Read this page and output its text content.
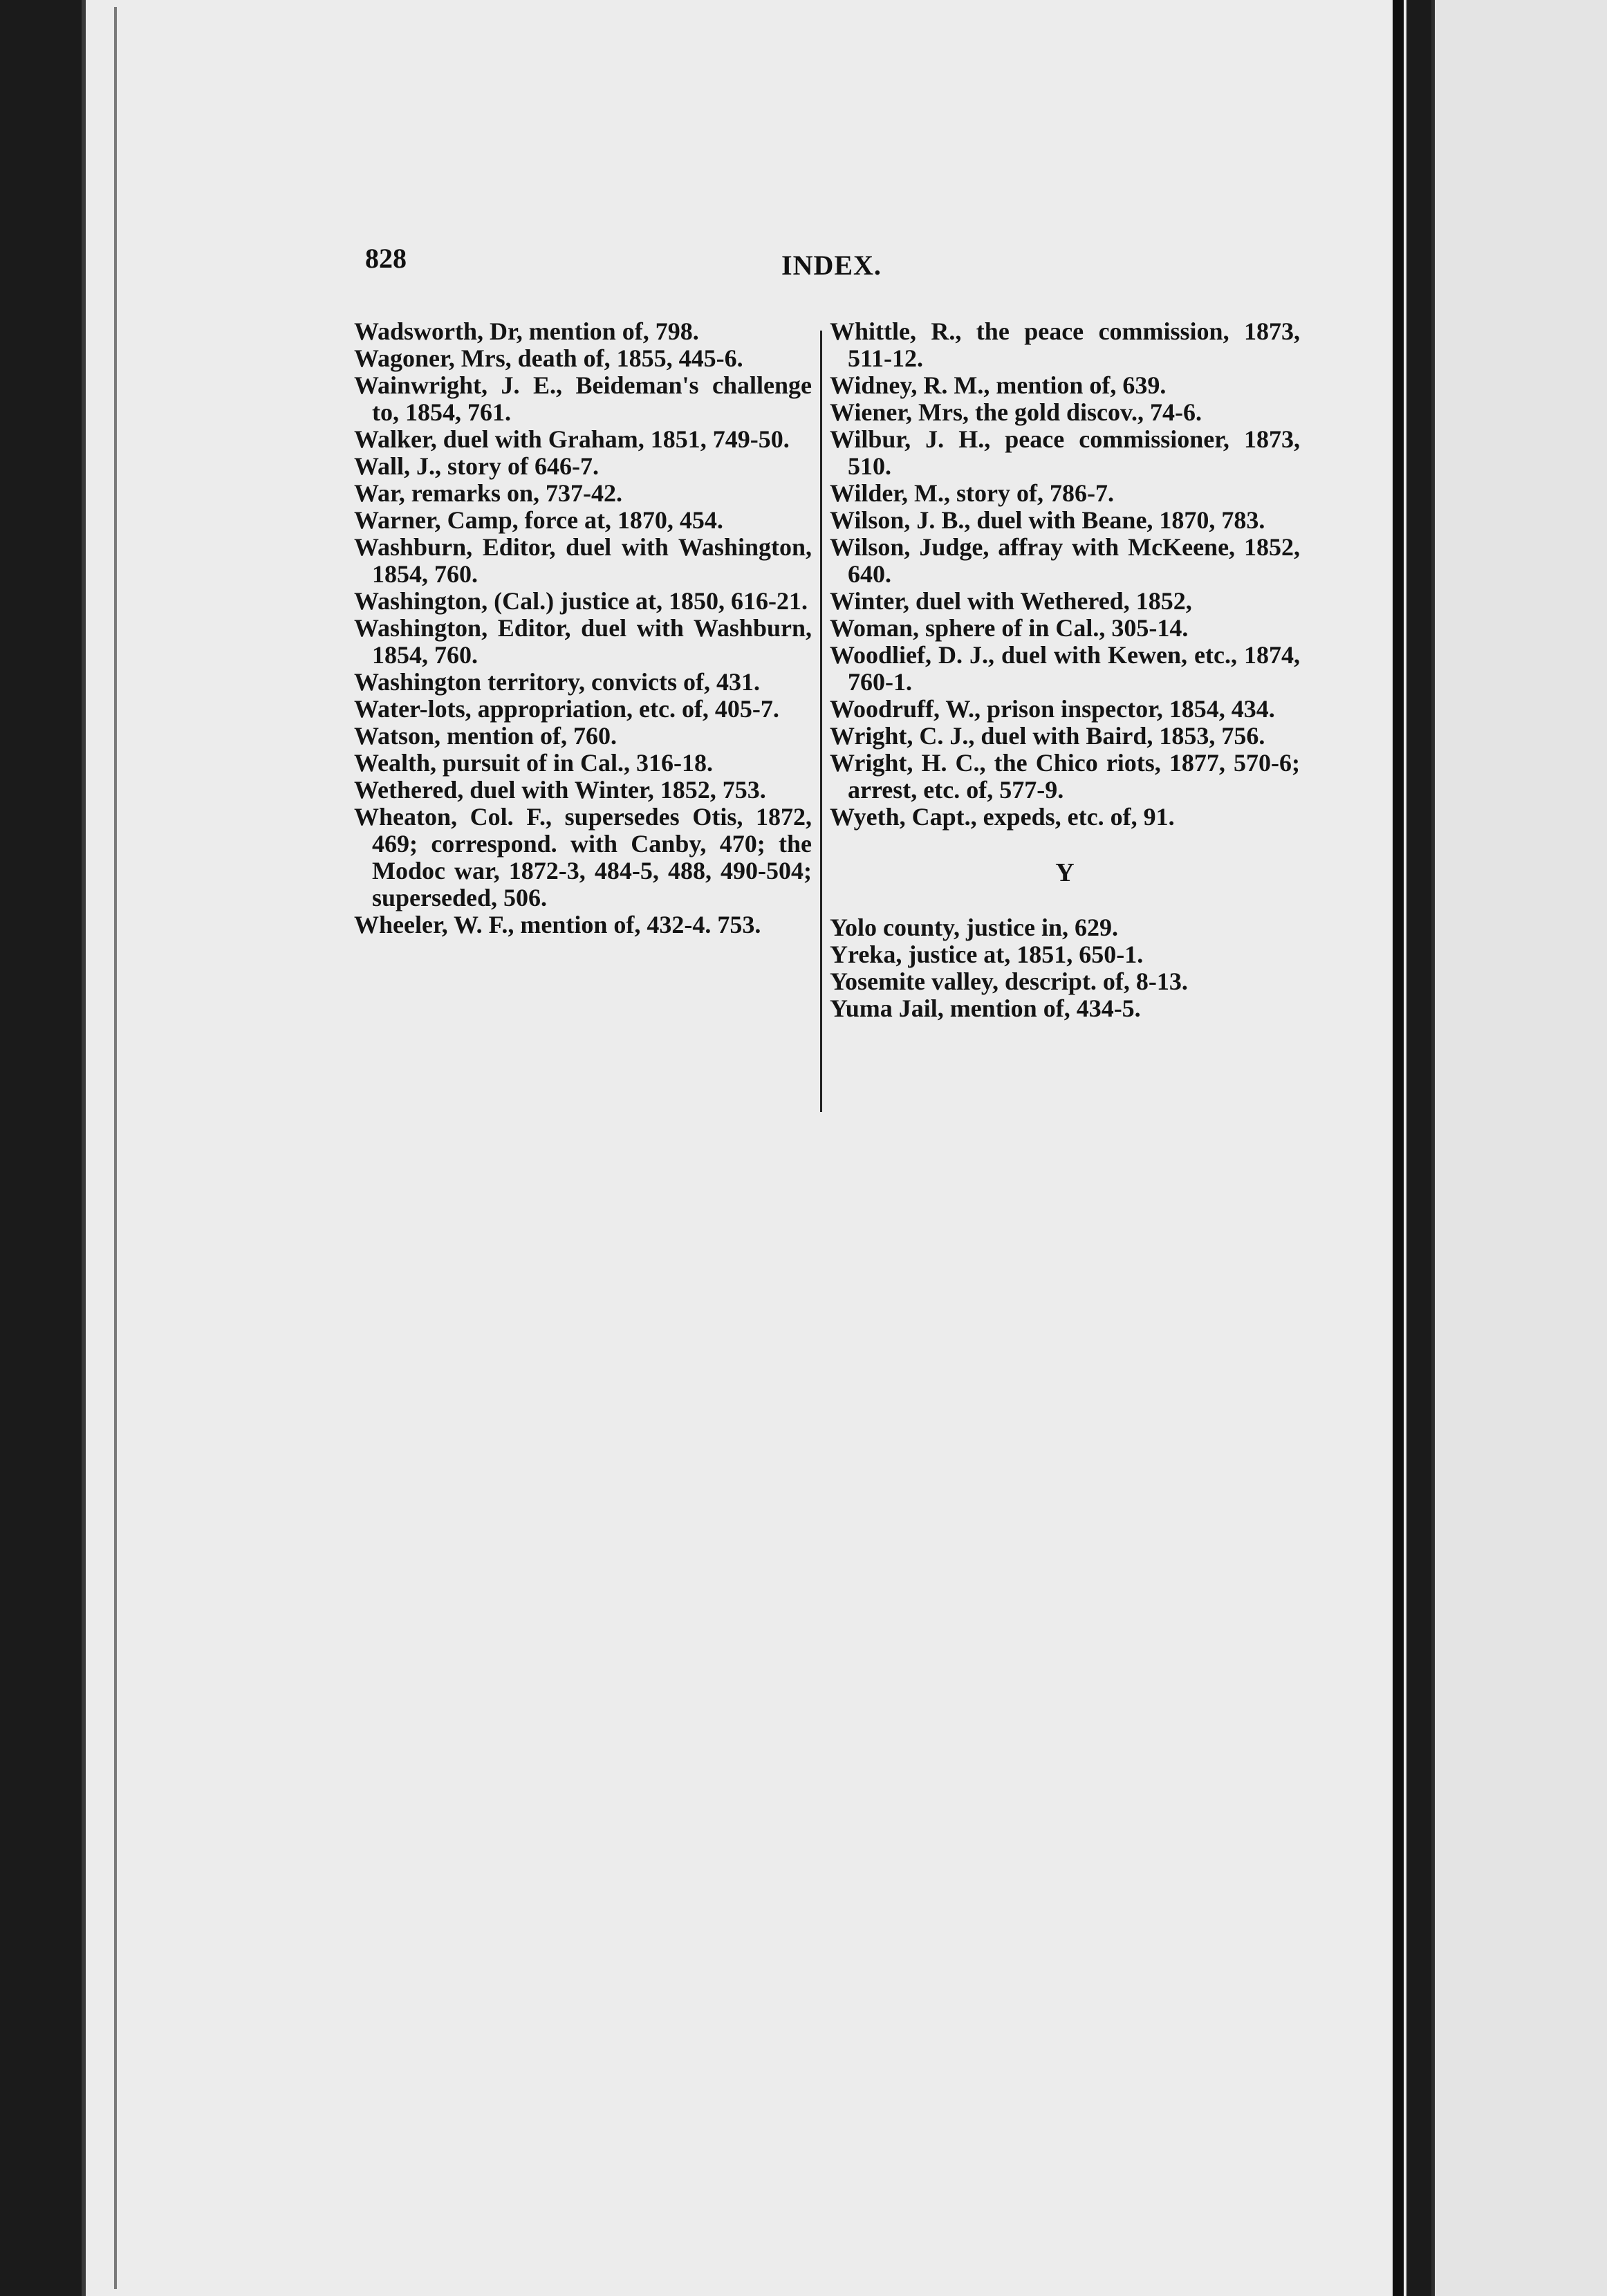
828	INDEX.

Wadsworth, Dr, mention of, 798.

Wagoner, Mrs, death of, 1855, 445-6.

Wainwright, J. E., Beideman's challenge to, 1854, 761.

Walker, duel with Graham, 1851, 749-50.

Wall, J., story of 646-7.

War, remarks on, 737-42.

Warner, Camp, force at, 1870, 454.

Washburn, Editor, duel with Washington, 1854, 760.

Washington, (Cal.) justice at, 1850, 616-21.

Washington, Editor, duel with Washburn, 1854, 760.

Washington territory, convicts of, 431.

Water-lots, appropriation, etc. of, 405-7.

Watson, mention of, 760.

Wealth, pursuit of in Cal., 316-18.

Wethered, duel with Winter, 1852, 753.

Wheaton, Col. F., supersedes Otis, 1872, 469; correspond. with Canby, 470; the Modoc war, 1872-3, 484-5, 488, 490-504; superseded, 506.

Wheeler, W. F., mention of, 432-4. 753.

Whittle, R., the peace commission, 1873, 511-12.

Widney, R. M., mention of, 639.

Wiener, Mrs, the gold discov., 74-6.

Wilbur, J. H., peace commissioner, 1873, 510.

Wilder, M., story of, 786-7.

Wilson, J. B., duel with Beane, 1870, 783.

Wilson, Judge, affray with McKeene, 1852, 640.

Winter, duel with Wethered, 1852,

Woman, sphere of in Cal., 305-14.

Woodlief, D. J., duel with Kewen, etc., 1874, 760-1.

Woodruff, W., prison inspector, 1854, 434.

Wright, C. J., duel with Baird, 1853, 756.

Wright, H. C., the Chico riots, 1877, 570-6; arrest, etc. of, 577-9.

Wyeth, Capt., expeds, etc. of, 91.

Y

Yolo county, justice in, 629.

Yreka, justice at, 1851, 650-1.

Yosemite valley, descript. of, 8-13.

Yuma Jail, mention of, 434-5.
